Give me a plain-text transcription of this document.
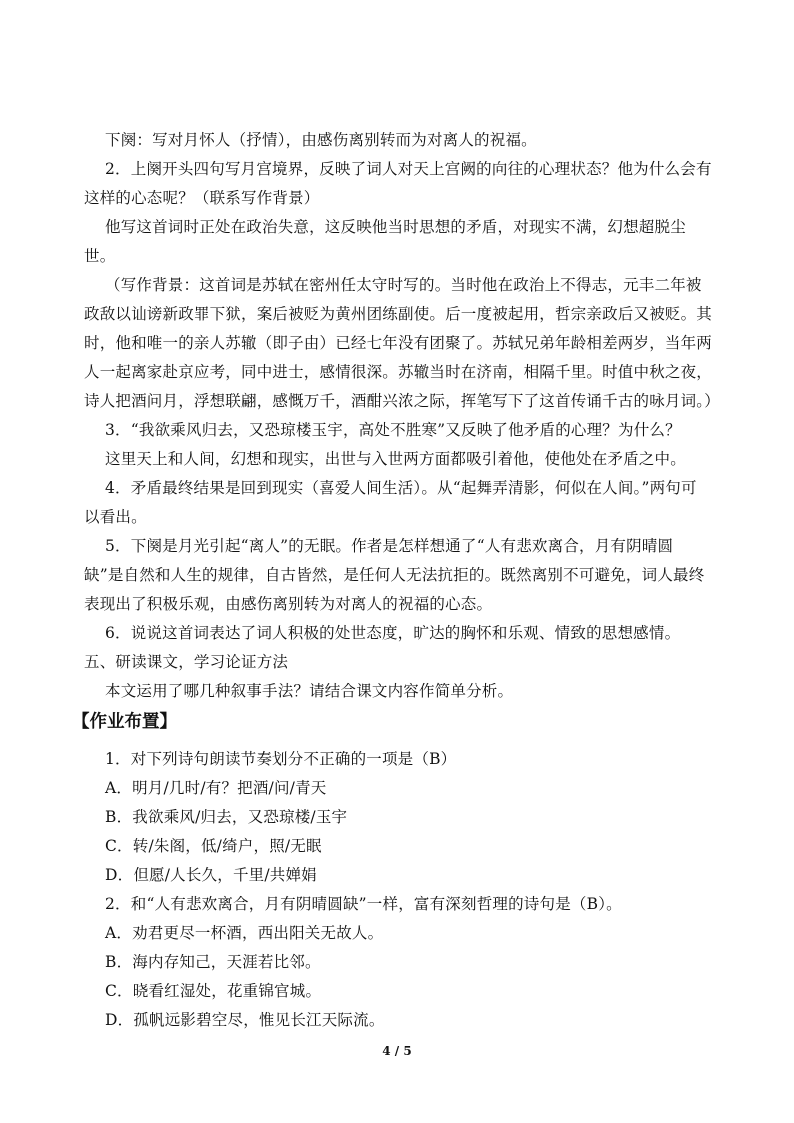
下阕：写对月怀人（抒情），由感伤离别转而为对离人的祝福。
2．上阕开头四句写月宫境界，反映了词人对天上宫阙的向往的心理状态？他为什么会有
这样的心态呢？（联系写作背景）
他写这首词时正处在政治失意，这反映他当时思想的矛盾，对现实不满，幻想超脱尘
世。
（写作背景：这首词是苏轼在密州任太守时写的。当时他在政治上不得志，元丰二年被
政敌以讪谤新政罪下狱，案后被贬为黄州团练副使。后一度被起用，哲宗亲政后又被贬。其
时，他和唯一的亲人苏辙（即子由）已经七年没有团聚了。苏轼兄弟年龄相差两岁，当年两
人一起离家赴京应考，同中进士，感情很深。苏辙当时在济南，相隔千里。时值中秋之夜，
诗人把酒问月，浮想联翩，感慨万千，酒酣兴浓之际，挥笔写下了这首传诵千古的咏月词。）
3．“我欲乘风归去，又恐琼楼玉宇，高处不胜寒”又反映了他矛盾的心理？为什么？
这里天上和人间，幻想和现实，出世与入世两方面都吸引着他，使他处在矛盾之中。
4．矛盾最终结果是回到现实（喜爱人间生活）。从“起舞弄清影，何似在人间。”两句可
以看出。
5．下阕是月光引起“离人”的无眠。作者是怎样想通了“人有悲欢离合，月有阴晴圆
缺”是自然和人生的规律，自古皆然，是任何人无法抗拒的。既然离别不可避免，词人最终
表现出了积极乐观，由感伤离别转为对离人的祝福的心态。
6．说说这首词表达了词人积极的处世态度，旷达的胸怀和乐观、情致的思想感情。
五、研读课文，学习论证方法
本文运用了哪几种叙事手法？请结合课文内容作简单分析。
【作业布置】
1．对下列诗句朗读节奏划分不正确的一项是（B）
A．明月/几时/有？把酒/问/青天
B．我欲乘风/归去，又恐琼楼/玉宇
C．转/朱阁，低/绮户，照/无眠
D．但愿/人长久，千里/共婵娟
2．和“人有悲欢离合，月有阴晴圆缺”一样，富有深刻哲理的诗句是（B）。
A．劝君更尽一杯酒，西出阳关无故人。
B．海内存知己，天涯若比邻。
C．晓看红湿处，花重锦官城。
D．孤帆远影碧空尽，惟见长江天际流。
4 / 5
